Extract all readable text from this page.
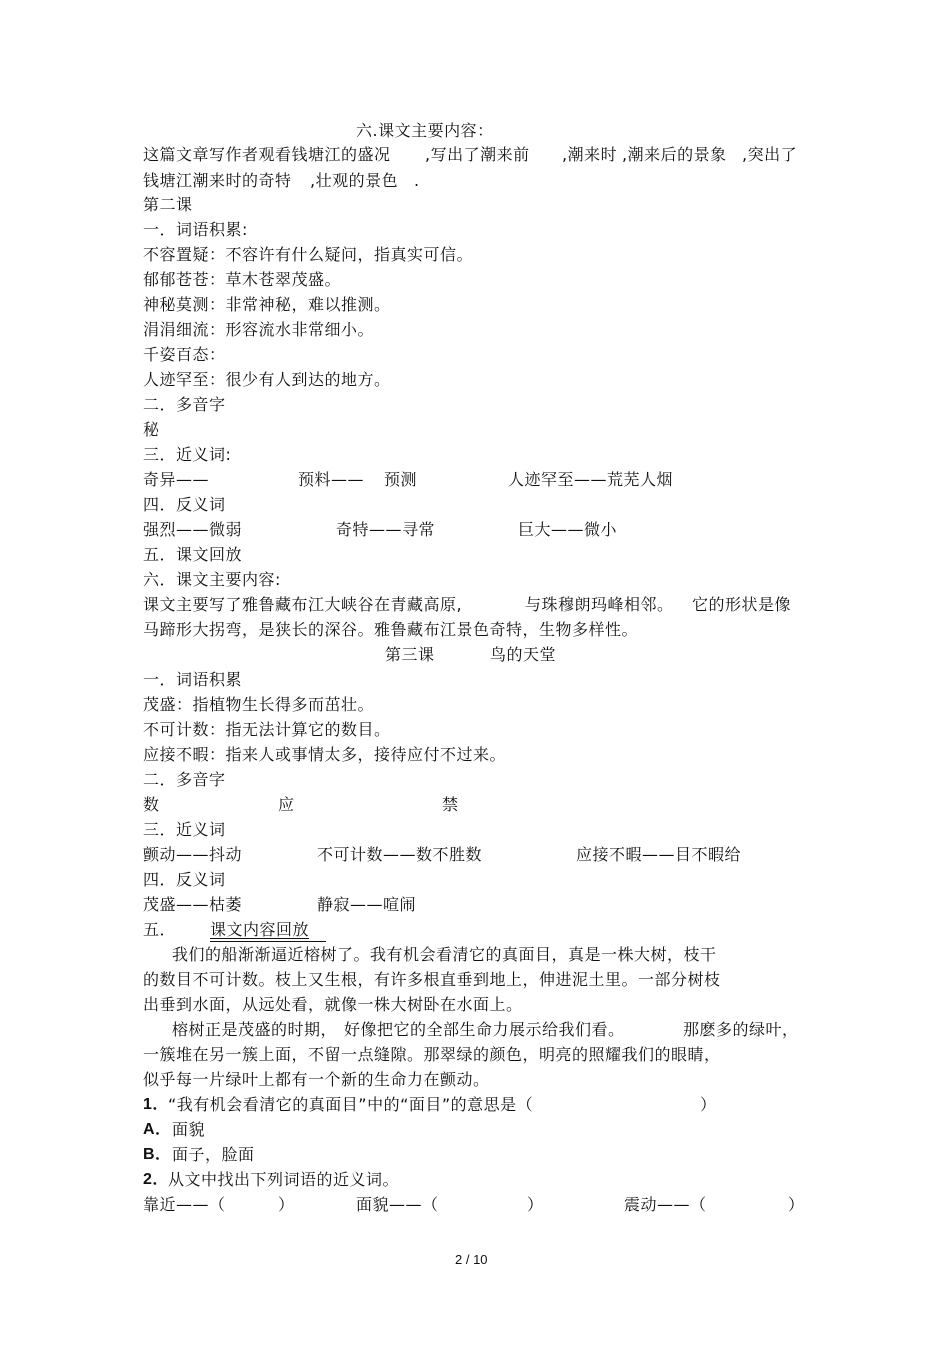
六.课文主要内容：
这篇文章写作者观看钱塘江的盛况 ,写出了潮来前 ,潮来时 ,潮来后的景象 ,突出了
钱塘江潮来时的奇特 ,壮观的景色 .
第二课
一．词语积累:
不容置疑：不容许有什么疑问，指真实可信。
郁郁苍苍：草木苍翠茂盛。
神秘莫测：非常神秘，难以推测。
涓涓细流：形容流水非常细小。
千姿百态：
人迹罕至：很少有人到达的地方。
二．多音字
秘
三．近义词:
奇异——	预料—— 预测	人迹罕至——荒芜人烟
四．反义词
强烈——微弱	奇特——寻常	巨大——微小
五．课文回放
六．课文主要内容:
课文主要写了雅鲁藏布江大峡谷在青藏高原,	与珠穆朗玛峰相邻。 它的形状是像
马蹄形大拐弯，是狭长的深谷。雅鲁藏布江景色奇特，生物多样性。
第三课	鸟的天堂
一．词语积累
茂盛：指植物生长得多而茁壮。
不可计数：指无法计算它的数目。
应接不暇：指来人或事情太多，接待应付不过来。
二．多音字
数	应	禁
三．近义词
颤动——抖动	不可计数——数不胜数	应接不暇——目不暇给
四．反义词
茂盛——枯萎	静寂——喧闹
五． 课文内容回放
我们的船渐渐逼近榕树了。我有机会看清它的真面目，真是一株大树，枝干
的数目不可计数。枝上又生根，有许多根直垂到地上，伸进泥土里。一部分树枝
出垂到水面，从远处看，就像一株大树卧在水面上。
榕树正是茂盛的时期， 好像把它的全部生命力展示给我们看。	那麽多的绿叶，
一簇堆在另一簇上面，不留一点缝隙。那翠绿的颜色，明亮的照耀我们的眼睛，
似乎每一片绿叶上都有一个新的生命力在颤动。
1． “我有机会看清它的真面目”中的“面目”的意思是（	）
A． 面貌
B． 面子，脸面
2． 从文中找出下列词语的近义词。
靠近——（	）	面貌——（	）	震动——（	）
2 / 10
